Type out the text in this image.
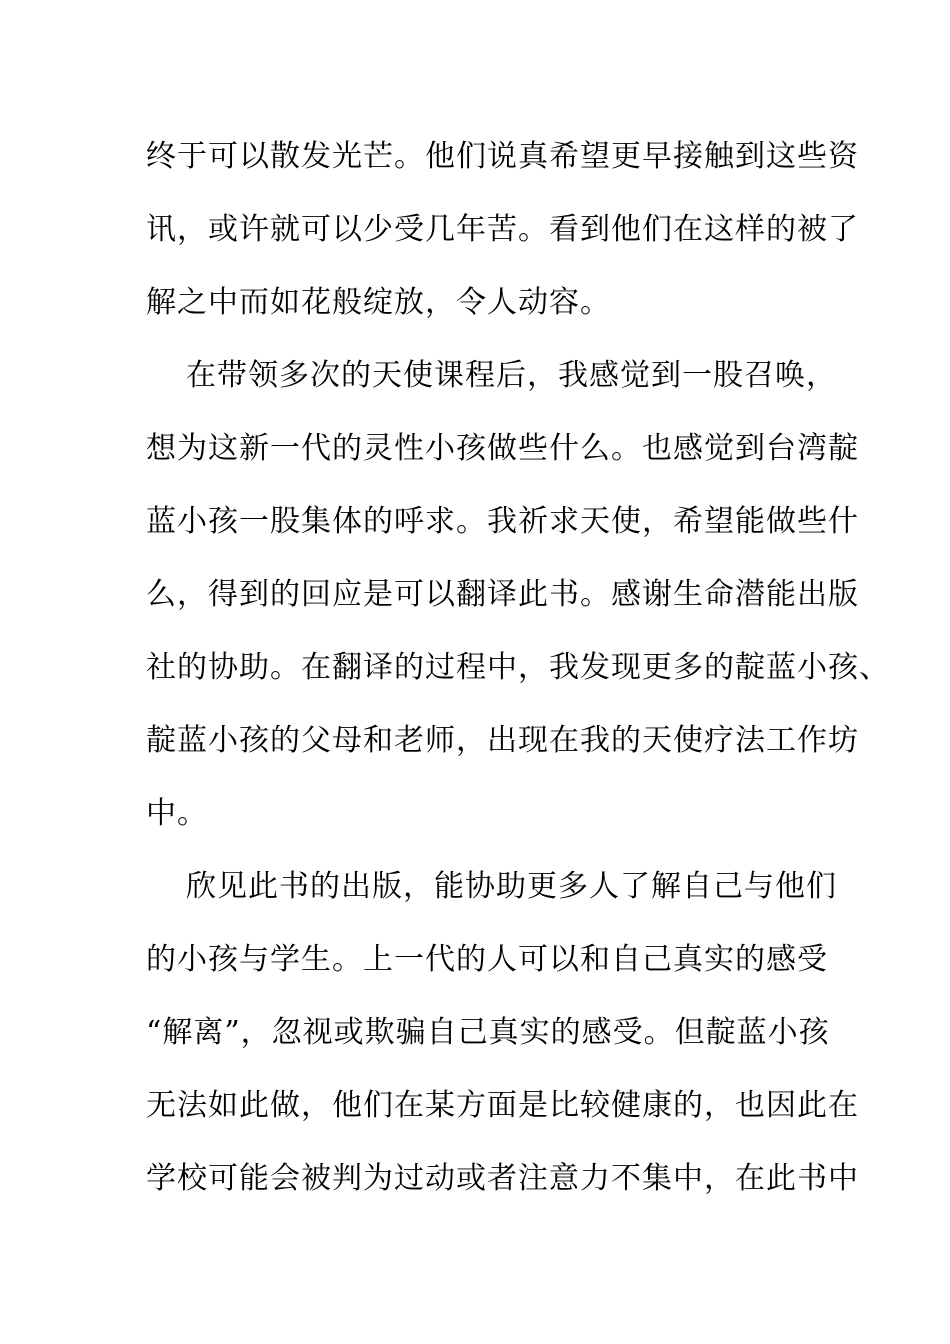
终于可以散发光芒。他们说真希望更早接触到这些资
讯，或许就可以少受几年苦。看到他们在这样的被了
解之中而如花般绽放，令人动容。
在带领多次的天使课程后，我感觉到一股召唤，
想为这新一代的灵性小孩做些什么。也感觉到台湾靛
蓝小孩一股集体的呼求。我祈求天使，希望能做些什
么，得到的回应是可以翻译此书。感谢生命潜能出版
社的协助。在翻译的过程中，我发现更多的靛蓝小孩、
靛蓝小孩的父母和老师，出现在我的天使疗法工作坊
中。
欣见此书的出版，能协助更多人了解自己与他们
的小孩与学生。上一代的人可以和自己真实的感受
“解离”，忽视或欺骗自己真实的感受。但靛蓝小孩
无法如此做，他们在某方面是比较健康的，也因此在
学校可能会被判为过动或者注意力不集中，在此书中
